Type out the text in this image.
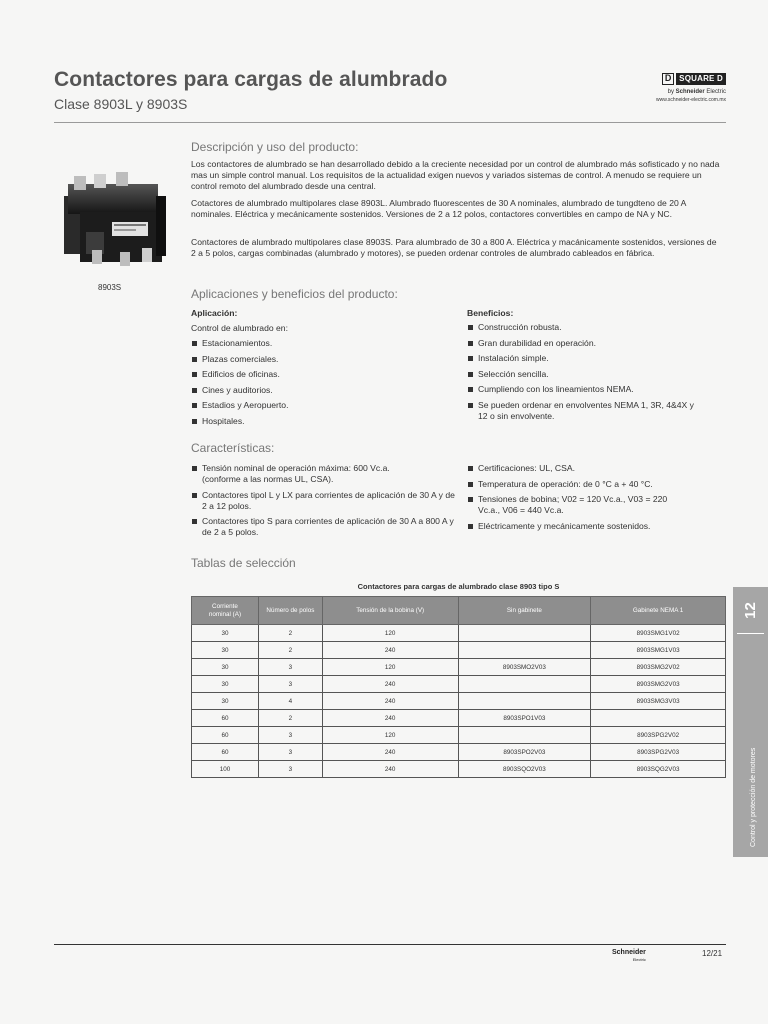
Contactores para cargas de alumbrado
Clase 8903L y 8903S
D SQUARE D
by Schneider Electric
www.schneider-electric.com.mx
8903S
Descripción y uso del producto:
Los contactores de alumbrado se han desarrollado debido a la creciente necesidad por un control de alumbrado más sofisticado y no nada mas un simple control manual. Los requisitos de la actualidad exigen nuevos y variados sistemas de control. A menudo se requiere un control remoto del alumbrado desde una central.
Cotactores de alumbrado multipolares clase 8903L. Alumbrado fluorescentes de 30 A nominales, alumbrado de tungdteno de 20 A nominales. Eléctrica y mecánicamente sostenidos. Versiones de 2 a 12 polos, contactores convertibles en campo de NA y NC.
Contactores de alumbrado multipolares clase 8903S. Para alumbrado de 30 a 800 A. Eléctrica y macánicamente sostenidos, versiones de 2 a 5 polos, cargas combinadas (alumbrado y motores), se pueden ordenar controles de alumbrado cableados en fábrica.
Aplicaciones y beneficios del producto:
Aplicación:
Control de alumbrado en:
Estacionamientos.
Plazas comerciales.
Edificios de oficinas.
Cines y auditorios.
Estadios y Aeropuerto.
Hospitales.
Beneficios:
Construcción robusta.
Gran durabilidad en operación.
Instalación simple.
Selección sencilla.
Cumpliendo con los lineamientos NEMA.
Se pueden ordenar en envolventes NEMA 1, 3R, 4&4X y 12 o sin envolvente.
Características:
Tensión nominal de operación máxima: 600 Vc.a. (conforme a las normas UL, CSA).
Contactores tipol L y LX para corrientes de aplicación de 30 A y de 2 a 12 polos.
Contactores tipo S para corrientes de aplicación de 30 A a 800 A y de 2 a 5 polos.
Certificaciones: UL, CSA.
Temperatura de operación: de 0 °C a + 40 °C.
Tensiones de bobina; V02 = 120 Vc.a., V03 = 220 Vc.a., V06 = 440 Vc.a.
Eléctricamente y mecánicamente sostenidos.
Tablas de selección
Contactores para cargas de alumbrado clase 8903 tipo S
Corriente nominal (A)	Número de polos	Tensión de la bobina (V)	Sin gabinete	Gabinete NEMA 1
30	2	120		8903SMG1V02
30	2	240		8903SMG1V03
30	3	120	8903SMO2V03	8903SMG2V02
30	3	240		8903SMG2V03
30	4	240		8903SMG3V03
60	2	240	8903SPO1V03	
60	3	120		8903SPG2V02
60	3	240	8903SPO2V03	8903SPG2V03
100	3	240	8903SQO2V03	8903SQG2V03
12
Control y protección de motores
Schneider
Electric
12/21
